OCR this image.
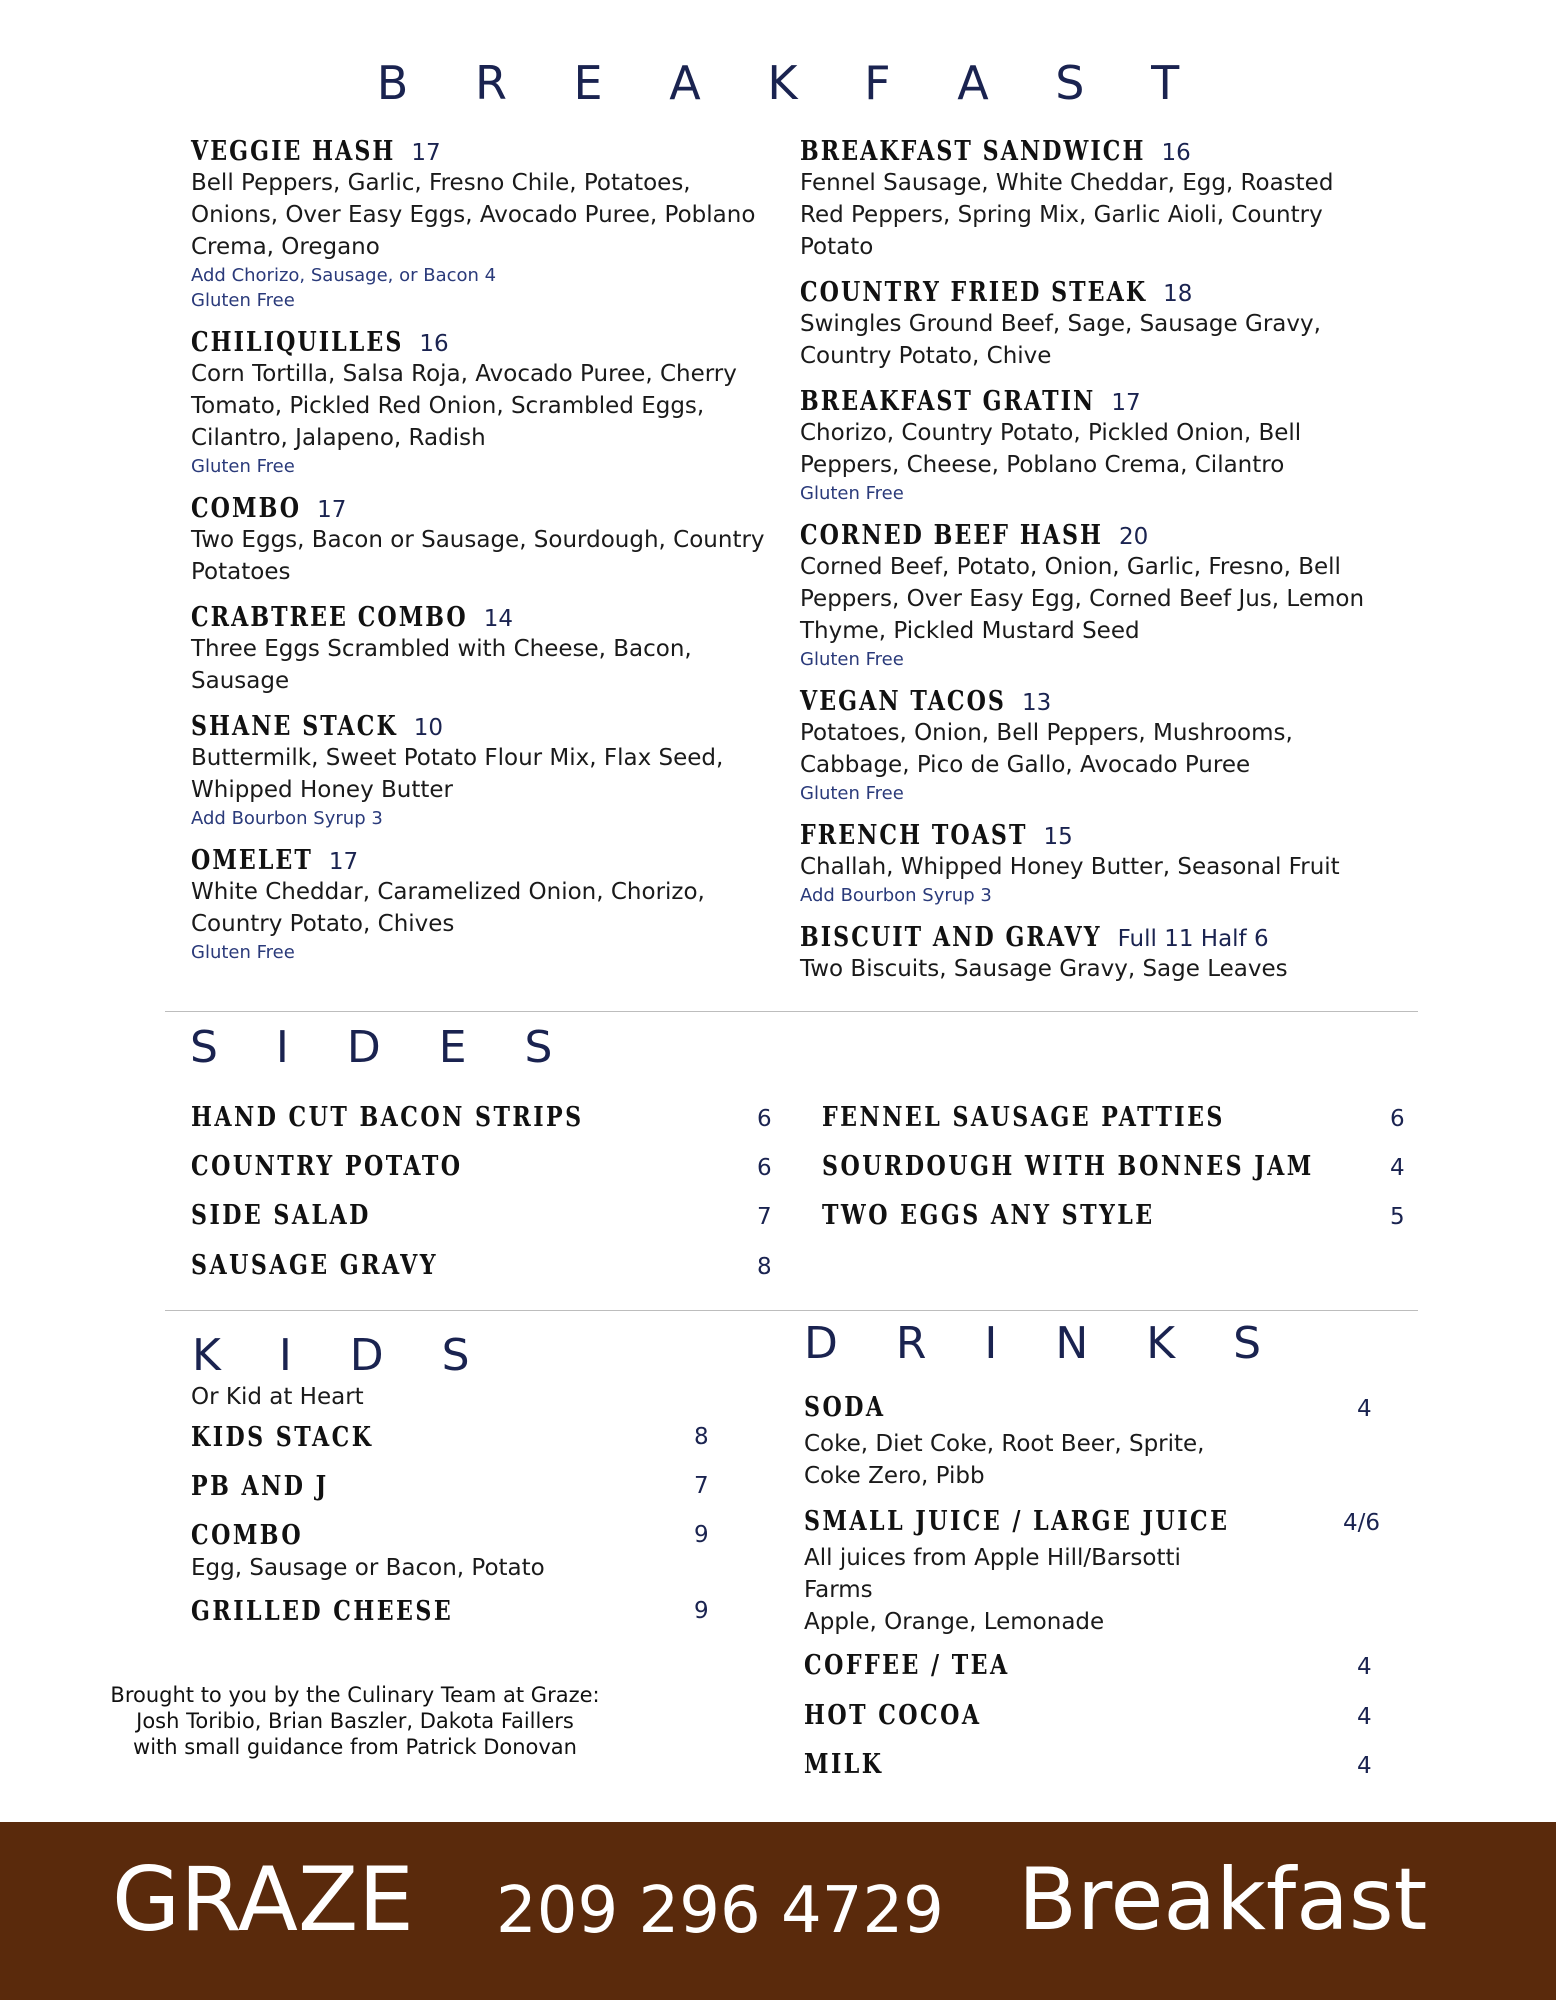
B R E A K F A S T
VEGGIE HASH 17
Bell Peppers, Garlic, Fresno Chile, Potatoes, Onions, Over Easy Eggs, Avocado Puree, Poblano Crema, Oregano
Add Chorizo, Sausage, or Bacon 4
Gluten Free
CHILIQUILLES 16
Corn Tortilla, Salsa Roja, Avocado Puree, Cherry Tomato, Pickled Red Onion, Scrambled Eggs, Cilantro, Jalapeno, Radish
Gluten Free
COMBO 17
Two Eggs, Bacon or Sausage, Sourdough, Country Potatoes
CRABTREE COMBO 14
Three Eggs Scrambled with Cheese, Bacon, Sausage
SHANE STACK 10
Buttermilk, Sweet Potato Flour Mix, Flax Seed, Whipped Honey Butter
Add Bourbon Syrup 3
OMELET 17
White Cheddar, Caramelized Onion, Chorizo, Country Potato, Chives
Gluten Free
BREAKFAST SANDWICH 16
Fennel Sausage, White Cheddar, Egg, Roasted Red Peppers, Spring Mix, Garlic Aioli, Country Potato
COUNTRY FRIED STEAK 18
Swingles Ground Beef, Sage, Sausage Gravy, Country Potato, Chive
BREAKFAST GRATIN 17
Chorizo, Country Potato, Pickled Onion, Bell Peppers, Cheese, Poblano Crema, Cilantro
Gluten Free
CORNED BEEF HASH 20
Corned Beef, Potato, Onion, Garlic, Fresno, Bell Peppers, Over Easy Egg, Corned Beef Jus, Lemon Thyme, Pickled Mustard Seed
Gluten Free
VEGAN TACOS 13
Potatoes, Onion, Bell Peppers, Mushrooms, Cabbage, Pico de Gallo, Avocado Puree
Gluten Free
FRENCH TOAST 15
Challah, Whipped Honey Butter, Seasonal Fruit
Add Bourbon Syrup 3
BISCUIT AND GRAVY Full 11 Half 6
Two Biscuits, Sausage Gravy, Sage Leaves
S I D E S
HAND CUT BACON STRIPS	6
COUNTRY POTATO	6
SIDE SALAD	7
SAUSAGE GRAVY	8
FENNEL SAUSAGE PATTIES	6
SOURDOUGH WITH BONNES JAM	4
TWO EGGS ANY STYLE	5
K I D S
Or Kid at Heart
KIDS STACK	8
PB AND J	7
COMBO	9
Egg, Sausage or Bacon, Potato
GRILLED CHEESE	9
D R I N K S
SODA	4
Coke, Diet Coke, Root Beer, Sprite,
Coke Zero, Pibb
SMALL JUICE / LARGE JUICE	4/6
All juices from Apple Hill/Barsotti
Farms
Apple, Orange, Lemonade
COFFEE / TEA	4
HOT COCOA	4
MILK	4
Brought to you by the Culinary Team at Graze:
Josh Toribio, Brian Baszler, Dakota Faillers
with small guidance from Patrick Donovan
GRAZE 209 296 4729 Breakfast
